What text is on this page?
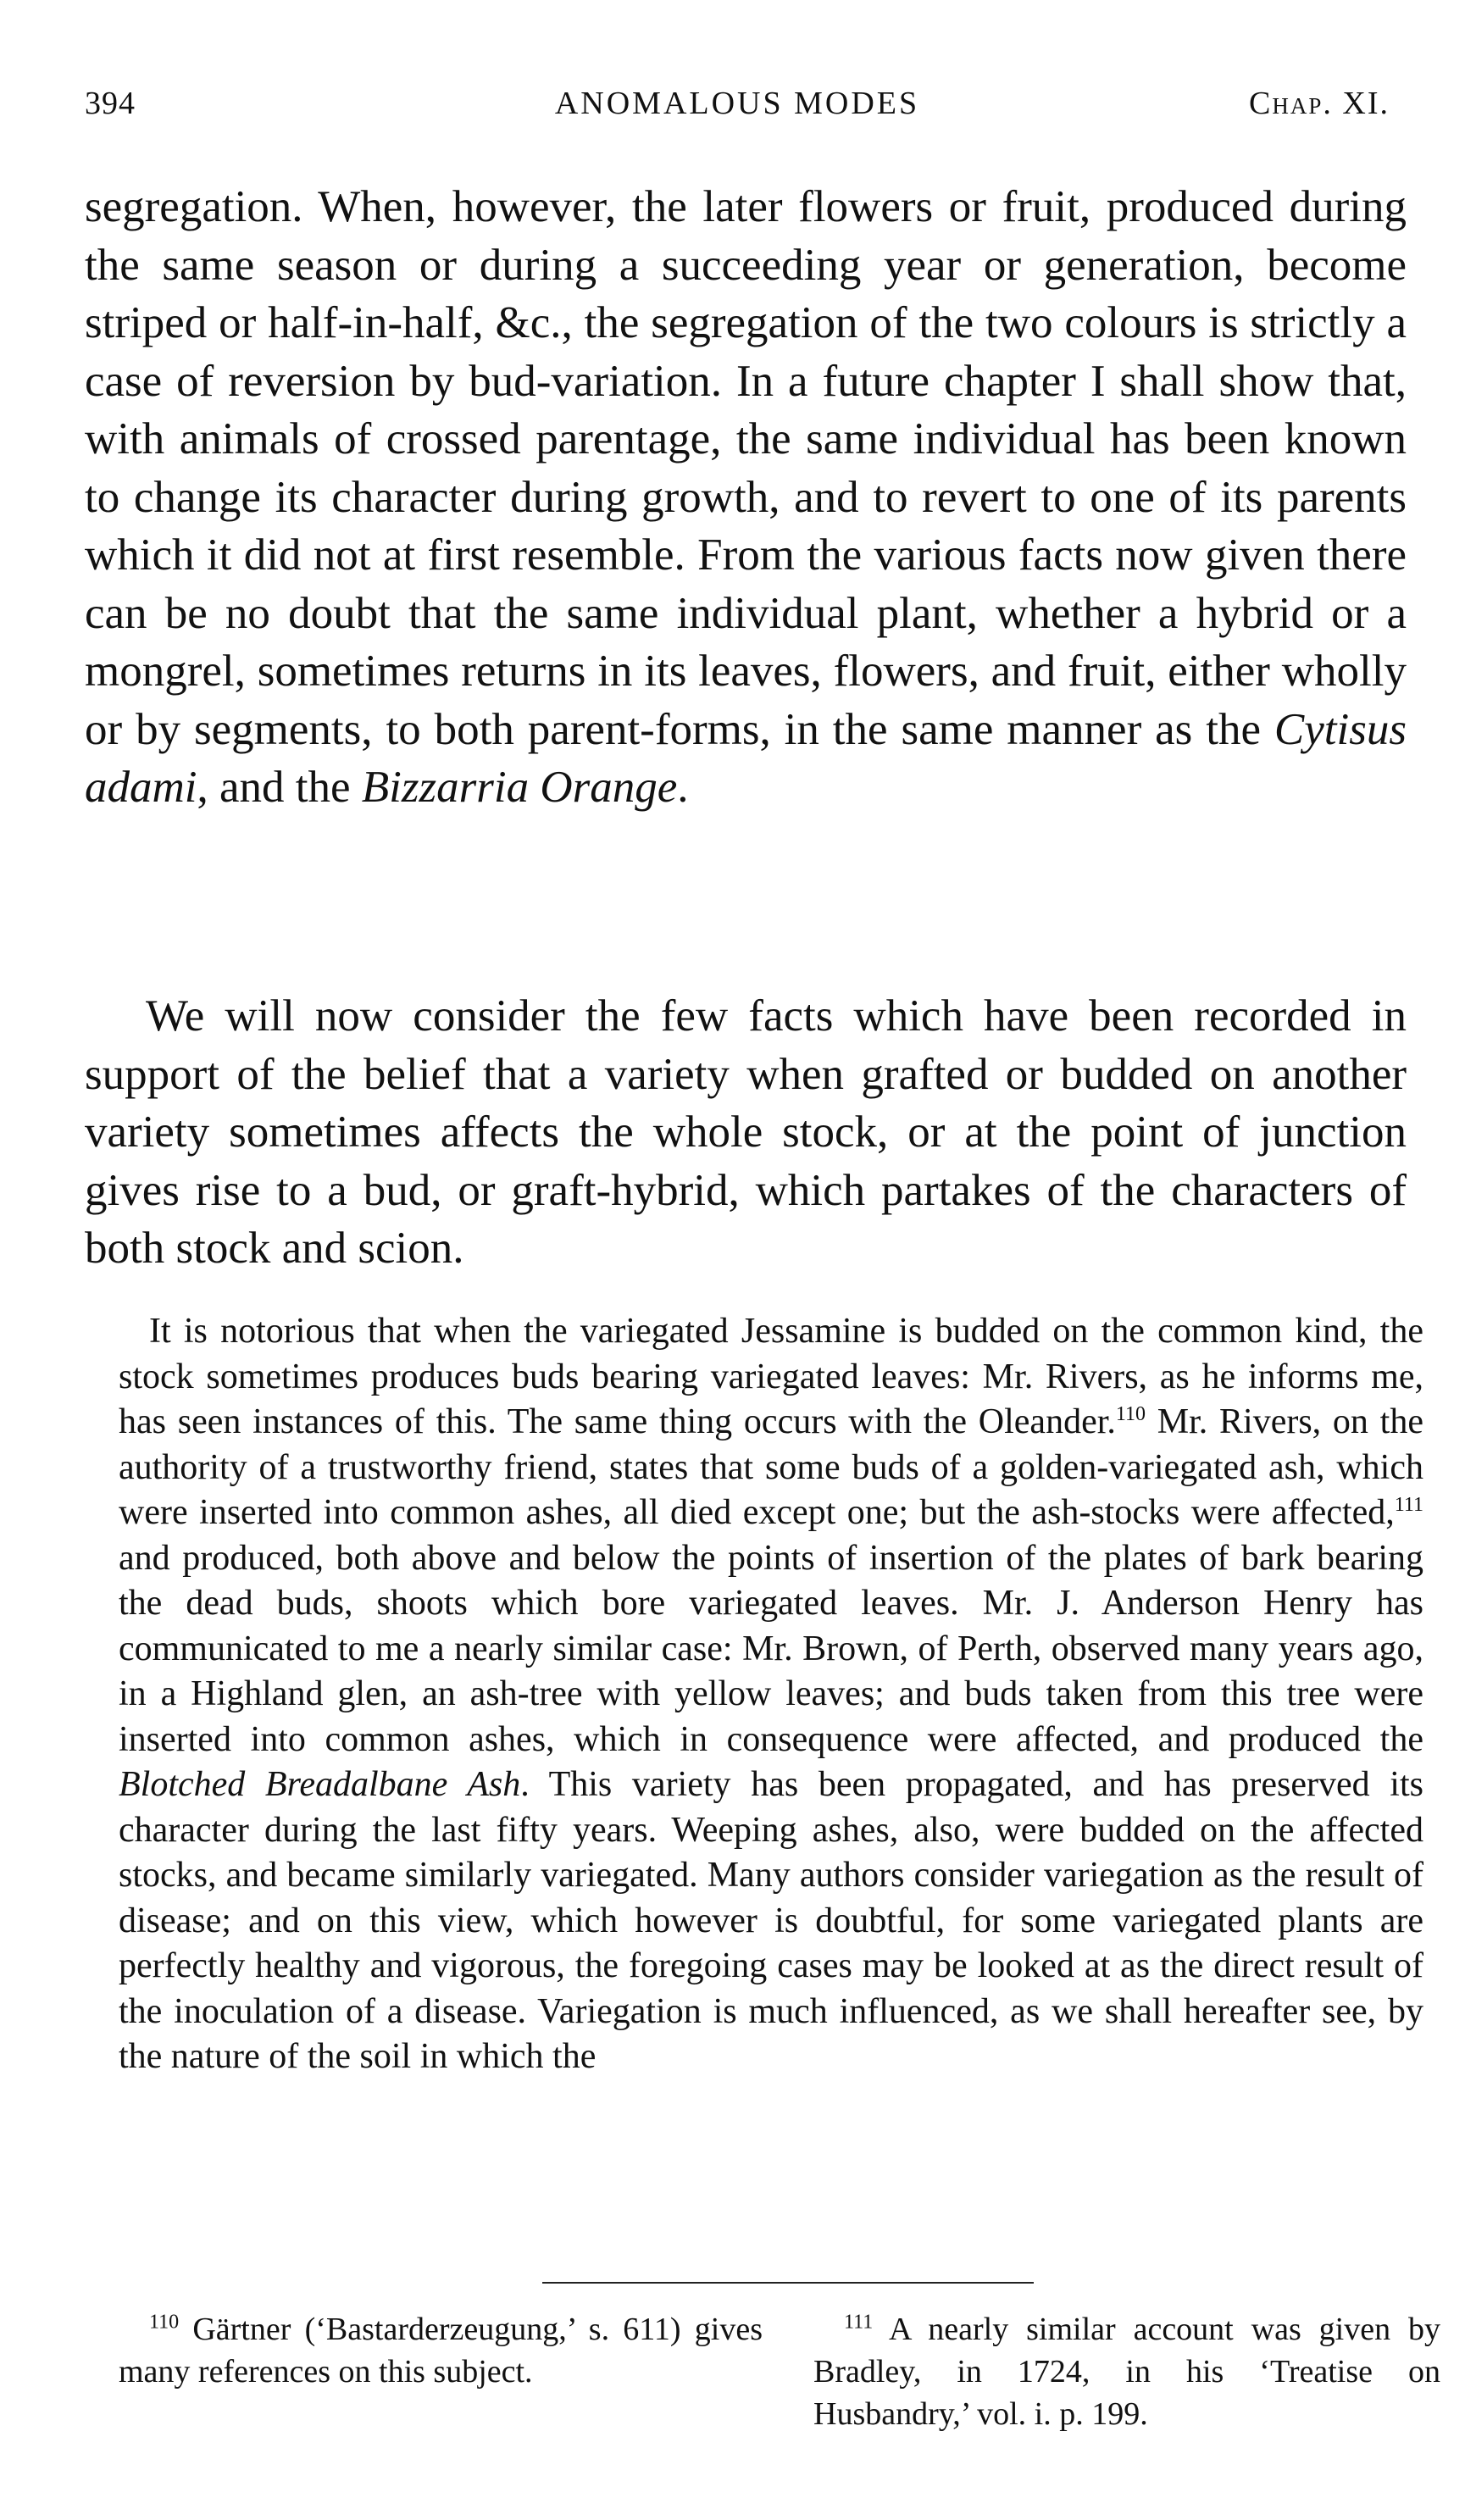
394	ANOMALOUS MODES	Chap. XI.

segregation. When, however, the later flowers or fruit, produced during the same season or during a succeeding year or generation, become striped or half-in-half, &c., the segregation of the two colours is strictly a case of reversion by bud-variation. In a future chapter I shall show that, with animals of crossed parentage, the same individual has been known to change its character during growth, and to revert to one of its parents which it did not at first resemble. From the various facts now given there can be no doubt that the same individual plant, whether a hybrid or a mongrel, sometimes returns in its leaves, flowers, and fruit, either wholly or by segments, to both parent-forms, in the same manner as the Cytisus adami, and the Bizzarria Orange.

We will now consider the few facts which have been recorded in support of the belief that a variety when grafted or budded on another variety sometimes affects the whole stock, or at the point of junction gives rise to a bud, or graft-hybrid, which partakes of the characters of both stock and scion.

It is notorious that when the variegated Jessamine is budded on the common kind, the stock sometimes produces buds bearing variegated leaves: Mr. Rivers, as he informs me, has seen instances of this. The same thing occurs with the Oleander.$^{110}$ Mr. Rivers, on the authority of a trustworthy friend, states that some buds of a golden-variegated ash, which were inserted into common ashes, all died except one; but the ash-stocks were affected,$^{111}$ and produced, both above and below the points of insertion of the plates of bark bearing the dead buds, shoots which bore variegated leaves. Mr. J. Anderson Henry has communicated to me a nearly similar case: Mr. Brown, of Perth, observed many years ago, in a Highland glen, an ash-tree with yellow leaves; and buds taken from this tree were inserted into common ashes, which in consequence were affected, and produced the Blotched Breadalbane Ash. This variety has been propagated, and has preserved its character during the last fifty years. Weeping ashes, also, were budded on the affected stocks, and became similarly variegated. Many authors consider variegation as the result of disease; and on this view, which however is doubtful, for some variegated plants are perfectly healthy and vigorous, the foregoing cases may be looked at as the direct result of the inoculation of a disease. Variegation is much influenced, as we shall hereafter see, by the nature of the soil in which the

$^{110}$ Gärtner (‘Bastarderzeugung,’ s. 611) gives many references on this subject.

$^{111}$ A nearly similar account was given by Bradley, in 1724, in his ‘Treatise on Husbandry,’ vol. i. p. 199.
